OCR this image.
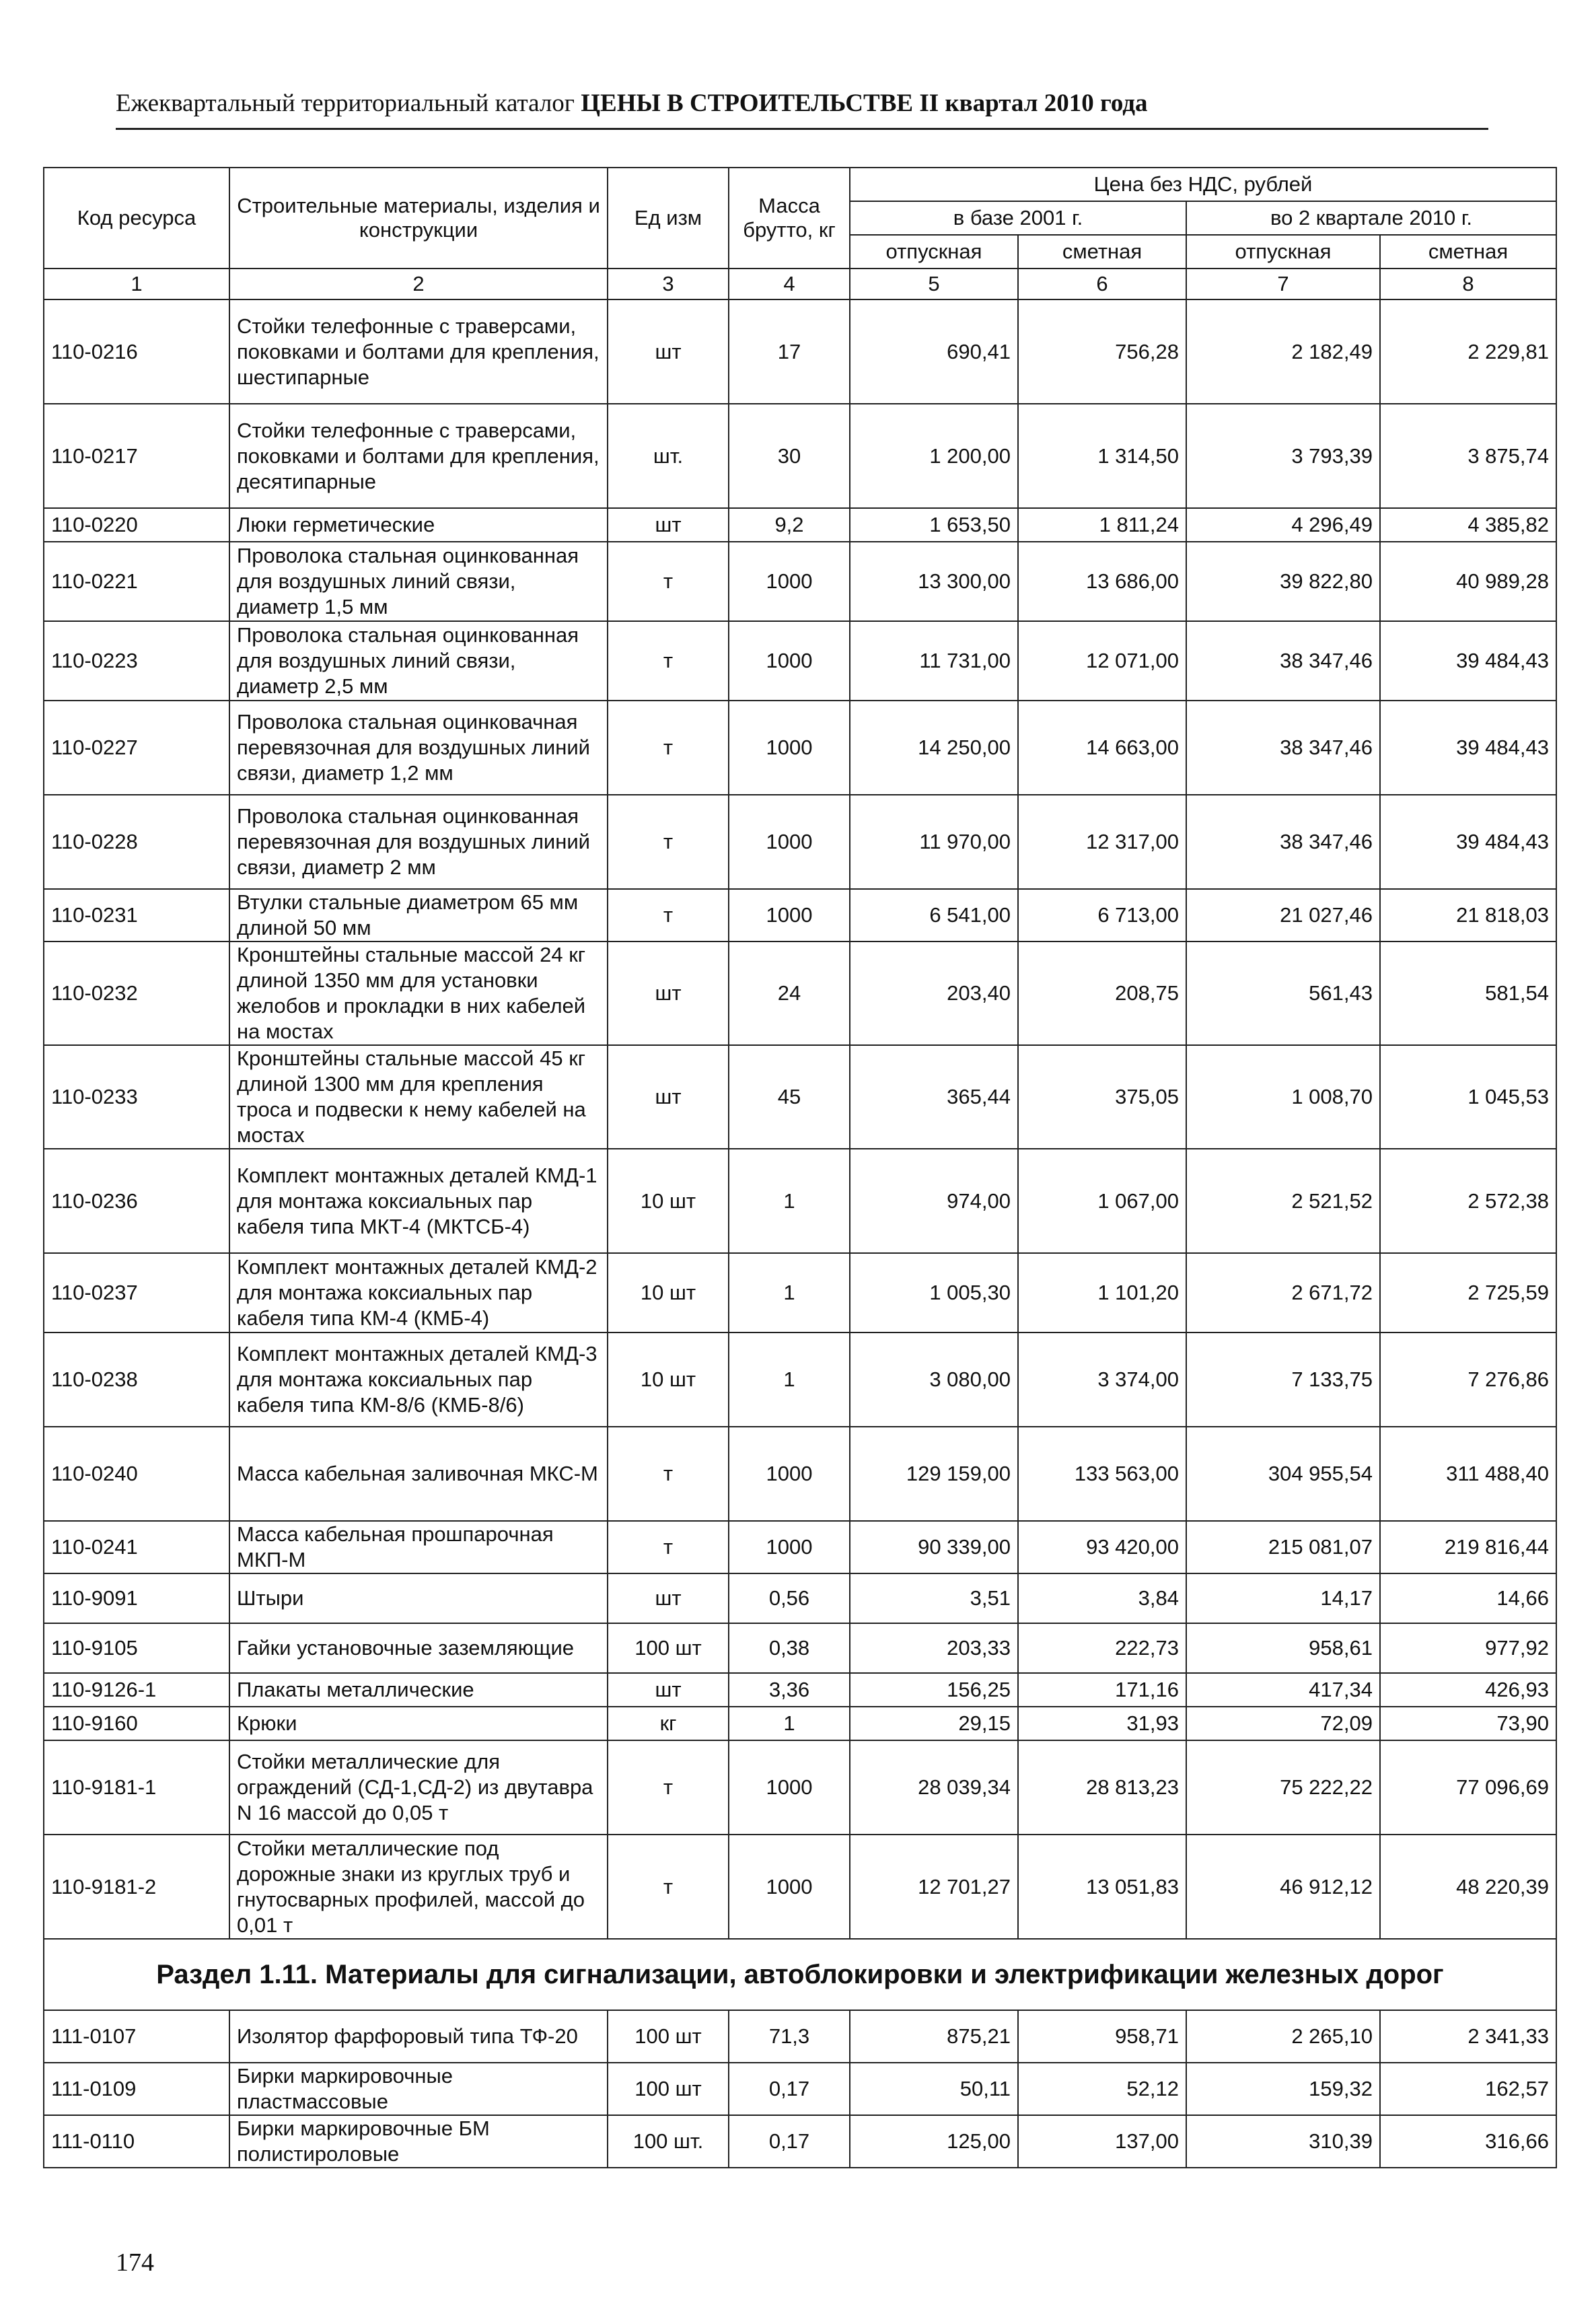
Ежеквартальный территориальный каталог ЦЕНЫ В СТРОИТЕЛЬСТВЕ II квартал 2010 года
Код ресурса	Строительные материалы, изделия и конструкции	Ед изм	Масса брутто, кг	Цена без НДС, рублей			
				в базе 2001 г.		во 2 квартале 2010 г.	
				отпускная	сметная	отпускная	сметная
1	2	3	4	5	6	7	8
110-0216	Стойки телефонные с траверсами, поковками и болтами для крепления, шестипарные	шт	17	690,41	756,28	2 182,49	2 229,81
110-0217	Стойки телефонные с траверсами, поковками и болтами для крепления, десятипарные	шт.	30	1 200,00	1 314,50	3 793,39	3 875,74
110-0220	Люки герметические	шт	9,2	1 653,50	1 811,24	4 296,49	4 385,82
110-0221	Проволока стальная оцинкованная для воздушных линий связи, диаметр 1,5 мм	т	1000	13 300,00	13 686,00	39 822,80	40 989,28
110-0223	Проволока стальная оцинкованная для воздушных линий связи, диаметр 2,5 мм	т	1000	11 731,00	12 071,00	38 347,46	39 484,43
110-0227	Проволока стальная оцинковачная перевязочная для воздушных линий связи, диаметр 1,2 мм	т	1000	14 250,00	14 663,00	38 347,46	39 484,43
110-0228	Проволока стальная оцинкованная перевязочная для воздушных линий связи, диаметр 2 мм	т	1000	11 970,00	12 317,00	38 347,46	39 484,43
110-0231	Втулки стальные диаметром 65 мм длиной 50 мм	т	1000	6 541,00	6 713,00	21 027,46	21 818,03
110-0232	Кронштейны стальные массой 24 кг длиной 1350 мм для установки желобов и прокладки в них кабелей на мостах	шт	24	203,40	208,75	561,43	581,54
110-0233	Кронштейны стальные массой 45 кг длиной 1300 мм для крепления троса и подвески к нему кабелей на мостах	шт	45	365,44	375,05	1 008,70	1 045,53
110-0236	Комплект монтажных деталей КМД-1 для монтажа коксиальных пар кабеля типа МКТ-4 (МКТСБ-4)	10 шт	1	974,00	1 067,00	2 521,52	2 572,38
110-0237	Комплект монтажных деталей КМД-2 для монтажа коксиальных пар кабеля типа КМ-4 (КМБ-4)	10 шт	1	1 005,30	1 101,20	2 671,72	2 725,59
110-0238	Комплект монтажных деталей КМД-3 для монтажа коксиальных пар кабеля типа КМ-8/6 (КМБ-8/6)	10 шт	1	3 080,00	3 374,00	7 133,75	7 276,86
110-0240	Масса кабельная заливочная МКС-М	т	1000	129 159,00	133 563,00	304 955,54	311 488,40
110-0241	Масса кабельная прошпарочная МКП-М	т	1000	90 339,00	93 420,00	215 081,07	219 816,44
110-9091	Штыри	шт	0,56	3,51	3,84	14,17	14,66
110-9105	Гайки установочные заземляющие	100 шт	0,38	203,33	222,73	958,61	977,92
110-9126-1	Плакаты металлические	шт	3,36	156,25	171,16	417,34	426,93
110-9160	Крюки	кг	1	29,15	31,93	72,09	73,90
110-9181-1	Стойки металлические для ограждений (СД-1,СД-2) из двутавра N 16 массой до 0,05 т	т	1000	28 039,34	28 813,23	75 222,22	77 096,69
110-9181-2	Стойки металлические под дорожные знаки из круглых труб и гнутосварных профилей, массой до 0,01 т	т	1000	12 701,27	13 051,83	46 912,12	48 220,39
Раздел 1.11. Материалы для сигнализации, автоблокировки и электрификации железных дорог							
111-0107	Изолятор фарфоровый типа ТФ-20	100 шт	71,3	875,21	958,71	2 265,10	2 341,33
111-0109	Бирки маркировочные пластмассовые	100 шт	0,17	50,11	52,12	159,32	162,57
111-0110	Бирки маркировочные БМ полистироловые	100 шт.	0,17	125,00	137,00	310,39	316,66
174
